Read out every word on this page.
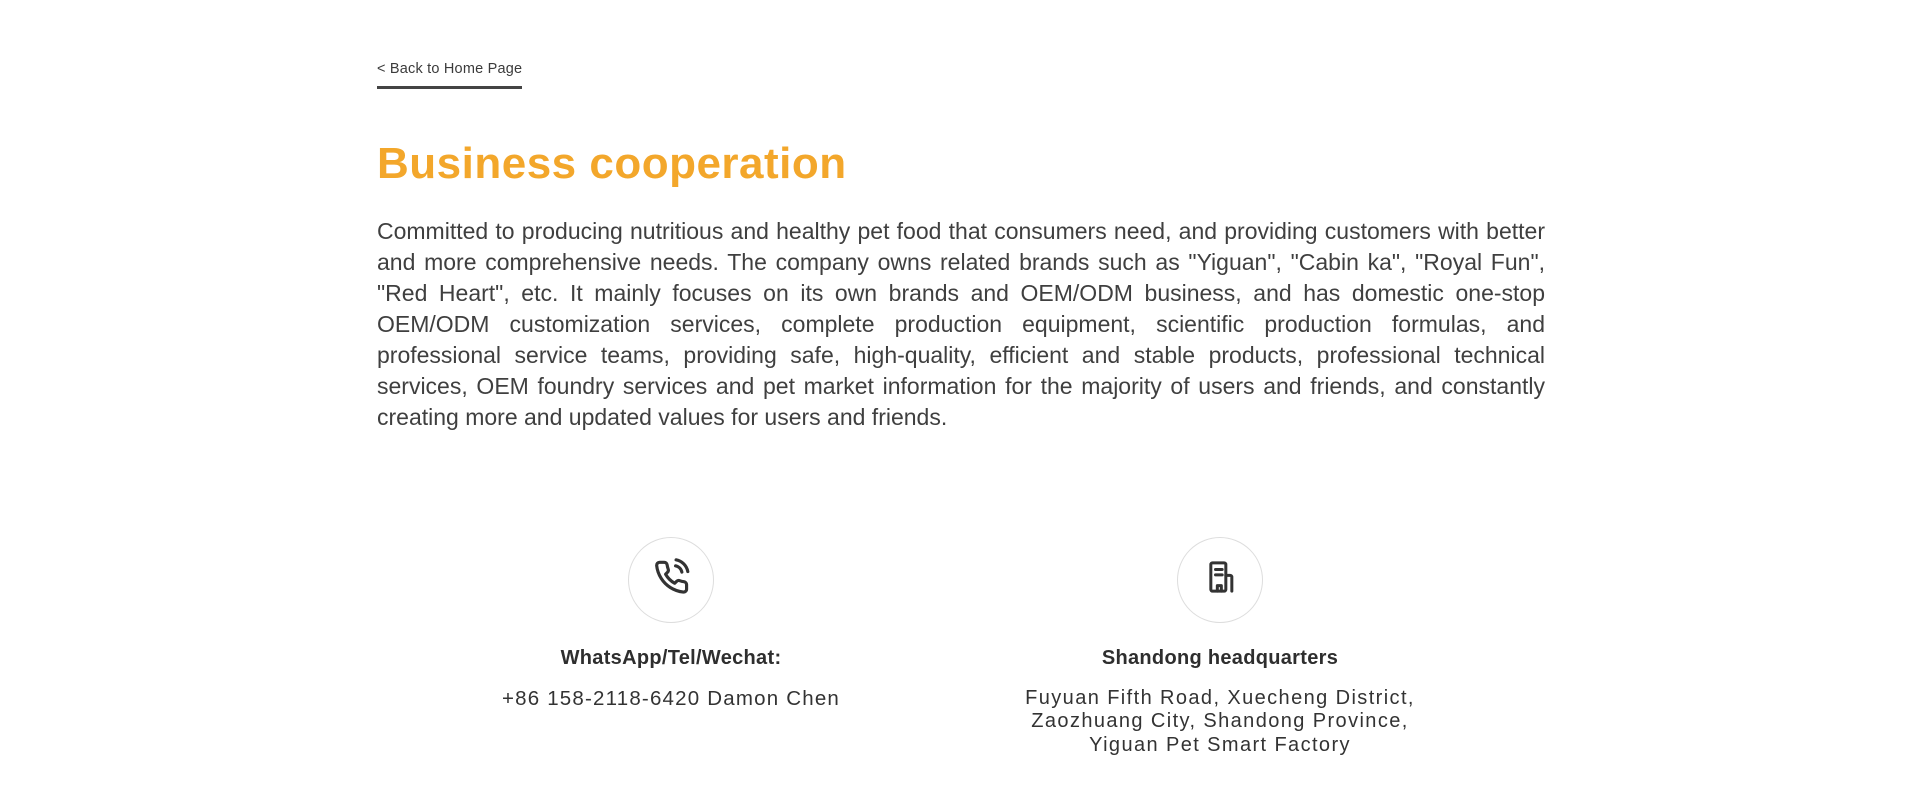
< Back to Home Page
Business cooperation

Committed to producing nutritious and healthy pet food that consumers need, and providing customers with better and more comprehensive needs. The company owns related brands such as "Yiguan", "Cabin ka", "Royal Fun", "Red Heart", etc. It mainly focuses on its own brands and OEM/ODM business, and has domestic one-stop OEM/ODM customization services, complete production equipment, scientific production formulas, and professional service teams, providing safe, high-quality, efficient and stable products, professional technical services, OEM foundry services and pet market information for the majority of users and friends, and constantly creating more and updated values for users and friends.

WhatsApp/Tel/Wechat:
+86 158-2118-6420 Damon Chen
Shandong headquarters
Fuyuan Fifth Road, Xuecheng District,
Zaozhuang City, Shandong Province,
Yiguan Pet Smart Factory
